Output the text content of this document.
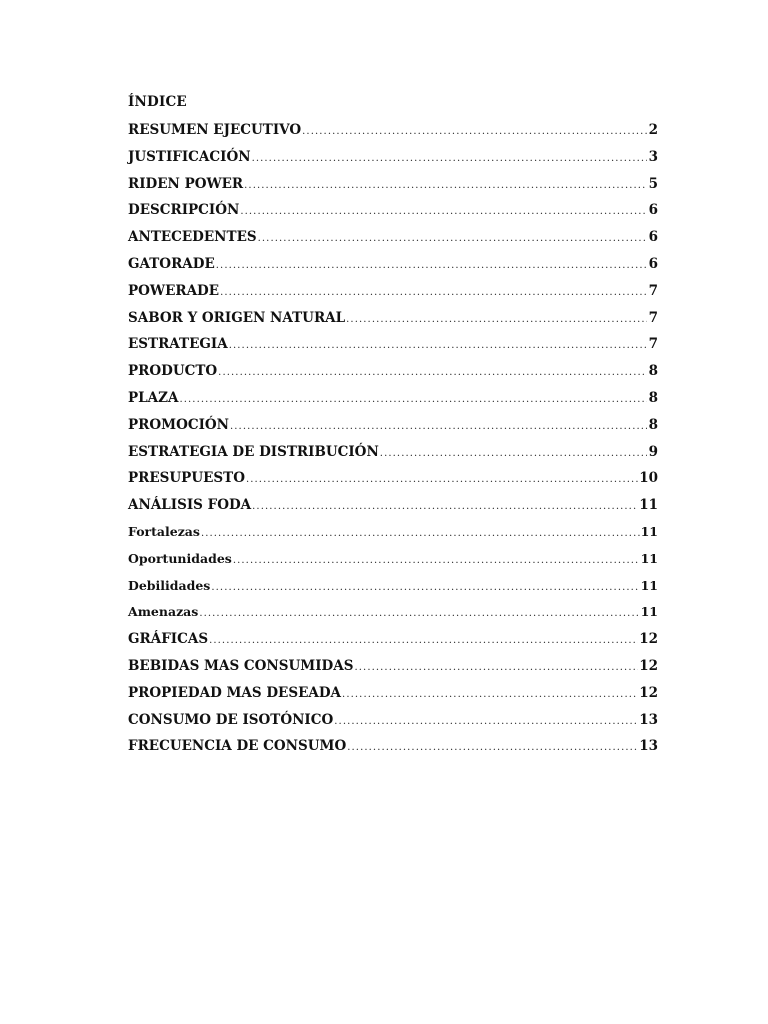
ÍNDICE
RESUMEN EJECUTIVO .....	2
JUSTIFICACIÓN .....	3
RIDEN POWER .....	5
DESCRIPCIÓN .....	6
ANTECEDENTES .....	6
GATORADE .....	6
POWERADE .....	7
SABOR Y ORIGEN NATURAL .....	7
ESTRATEGIA .....	7
PRODUCTO .....	8
PLAZA .....	8
PROMOCIÓN .....	8
ESTRATEGIA DE DISTRIBUCIÓN .....	9
PRESUPUESTO .....	10
ANÁLISIS FODA .....	11
Fortalezas .....	11
Oportunidades .....	11
Debilidades .....	11
Amenazas .....	11
GRÁFICAS .....	12
BEBIDAS MAS CONSUMIDAS .....	12
PROPIEDAD MAS DESEADA .....	12
CONSUMO DE ISOTÓNICO .....	13
FRECUENCIA DE CONSUMO .....	13
